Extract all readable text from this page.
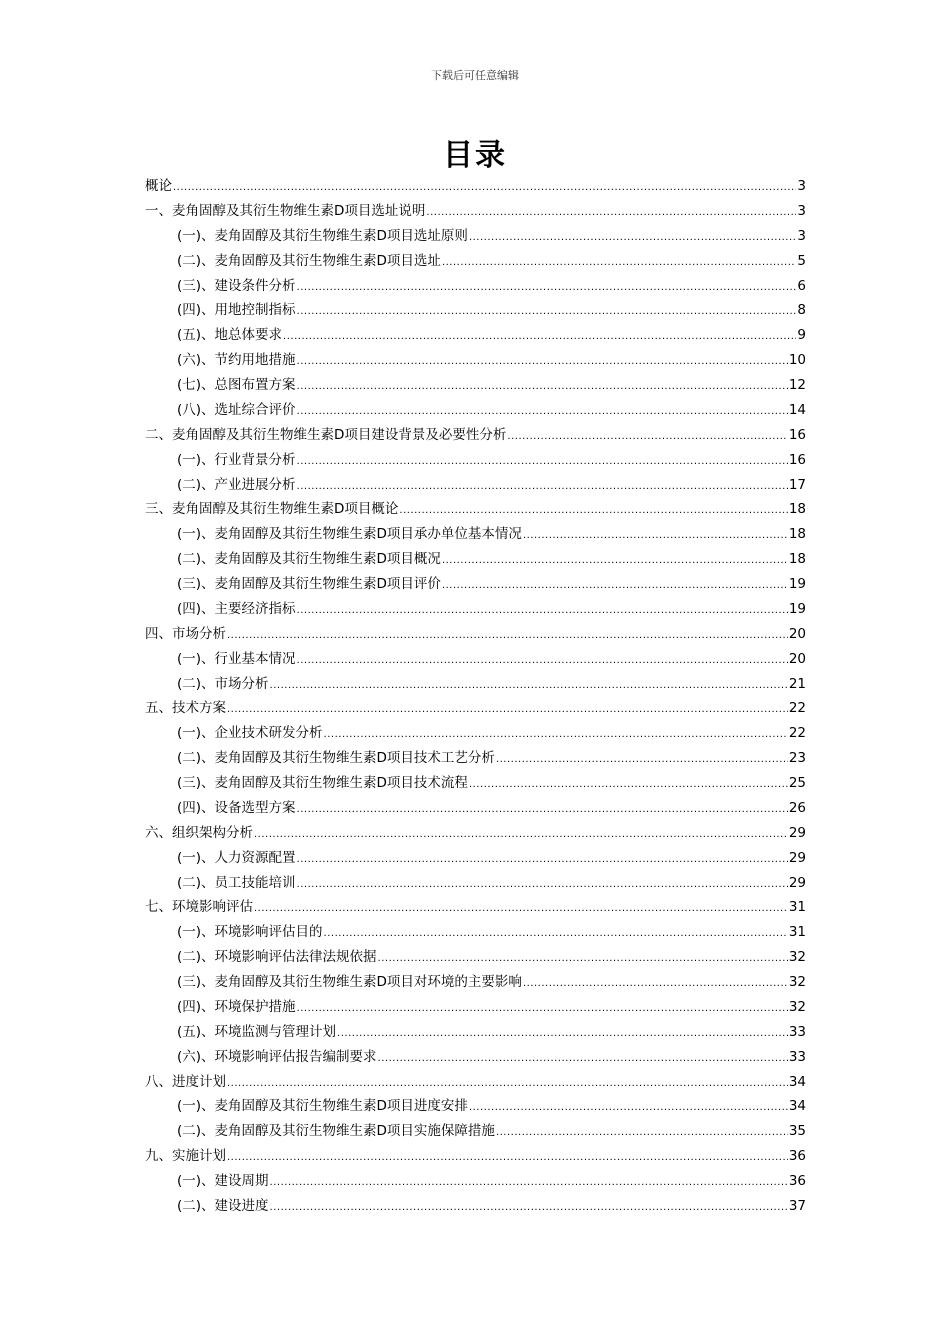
下载后可任意编辑
目录
概论 .....	3
一、麦角固醇及其衍生物维生素D项目选址说明 .....	3
(一)、麦角固醇及其衍生物维生素D项目选址原则 .....	3
(二)、麦角固醇及其衍生物维生素D项目选址 .....	5
(三)、建设条件分析 .....	6
(四)、用地控制指标 .....	8
(五)、地总体要求 .....	9
(六)、节约用地措施 .....	10
(七)、总图布置方案 .....	12
(八)、选址综合评价 .....	14
二、麦角固醇及其衍生物维生素D项目建设背景及必要性分析 .....	16
(一)、行业背景分析 .....	16
(二)、产业进展分析 .....	17
三、麦角固醇及其衍生物维生素D项目概论 .....	18
(一)、麦角固醇及其衍生物维生素D项目承办单位基本情况 .....	18
(二)、麦角固醇及其衍生物维生素D项目概况 .....	18
(三)、麦角固醇及其衍生物维生素D项目评价 .....	19
(四)、主要经济指标 .....	19
四、市场分析 .....	20
(一)、行业基本情况 .....	20
(二)、市场分析 .....	21
五、技术方案 .....	22
(一)、企业技术研发分析 .....	22
(二)、麦角固醇及其衍生物维生素D项目技术工艺分析 .....	23
(三)、麦角固醇及其衍生物维生素D项目技术流程 .....	25
(四)、设备选型方案 .....	26
六、组织架构分析 .....	29
(一)、人力资源配置 .....	29
(二)、员工技能培训 .....	29
七、环境影响评估 .....	31
(一)、环境影响评估目的 .....	31
(二)、环境影响评估法律法规依据 .....	32
(三)、麦角固醇及其衍生物维生素D项目对环境的主要影响 .....	32
(四)、环境保护措施 .....	32
(五)、环境监测与管理计划 .....	33
(六)、环境影响评估报告编制要求 .....	33
八、进度计划 .....	34
(一)、麦角固醇及其衍生物维生素D项目进度安排 .....	34
(二)、麦角固醇及其衍生物维生素D项目实施保障措施 .....	35
九、实施计划 .....	36
(一)、建设周期 .....	36
(二)、建设进度 .....	37
